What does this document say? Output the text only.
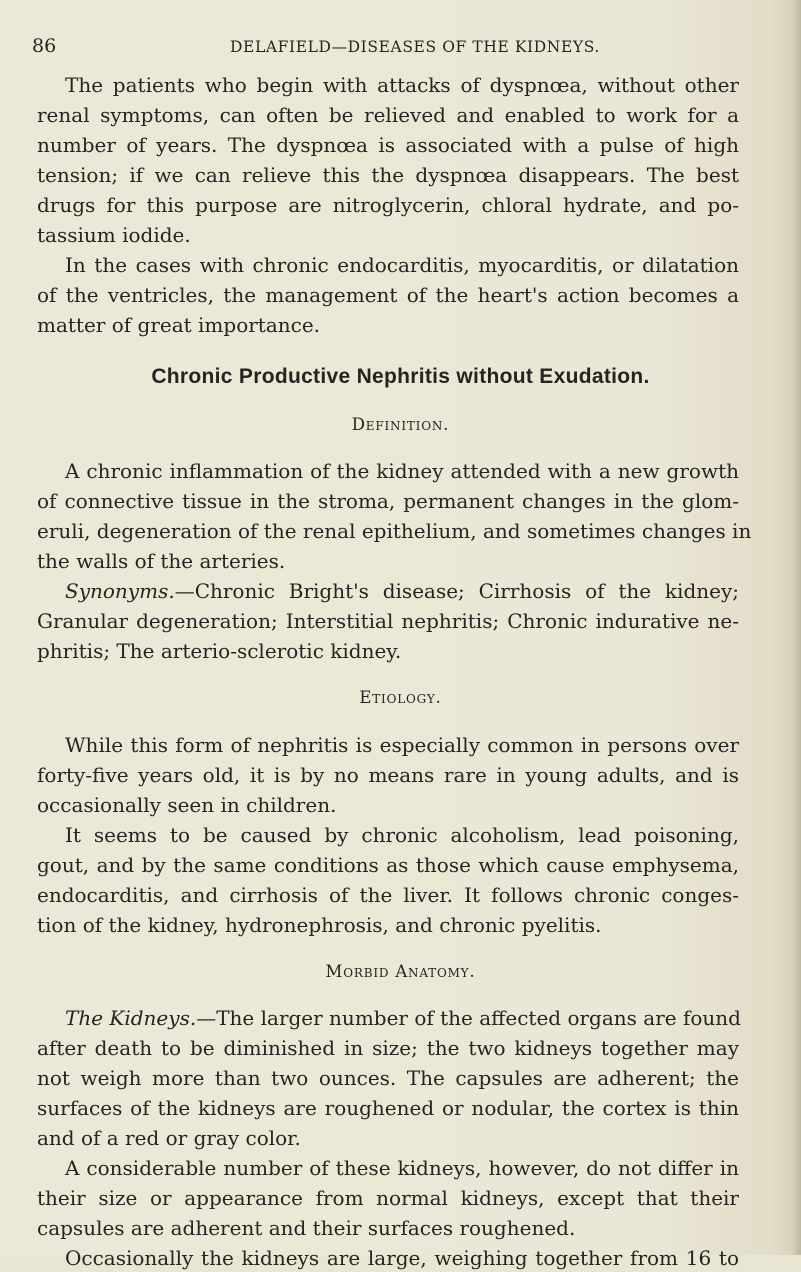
86	DELAFIELD—DISEASES OF THE KIDNEYS.
The patients who begin with attacks of dyspnœa, without other
renal symptoms, can often be relieved and enabled to work for a
number of years. The dyspnœa is associated with a pulse of high
tension; if we can relieve this the dyspnœa disappears. The best
drugs for this purpose are nitroglycerin, chloral hydrate, and po-
tassium iodide.
In the cases with chronic endocarditis, myocarditis, or dilatation
of the ventricles, the management of the heart's action becomes a
matter of great importance.
Chronic Productive Nephritis without Exudation.
Definition.
A chronic inflammation of the kidney attended with a new growth
of connective tissue in the stroma, permanent changes in the glom-
eruli, degeneration of the renal epithelium, and sometimes changes in
the walls of the arteries.
Synonyms.—Chronic Bright's disease; Cirrhosis of the kidney;
Granular degeneration; Interstitial nephritis; Chronic indurative ne-
phritis; The arterio-sclerotic kidney.
Etiology.
While this form of nephritis is especially common in persons over
forty-five years old, it is by no means rare in young adults, and is
occasionally seen in children.
It seems to be caused by chronic alcoholism, lead poisoning,
gout, and by the same conditions as those which cause emphysema,
endocarditis, and cirrhosis of the liver. It follows chronic conges-
tion of the kidney, hydronephrosis, and chronic pyelitis.
Morbid Anatomy.
The Kidneys.—The larger number of the affected organs are found
after death to be diminished in size; the two kidneys together may
not weigh more than two ounces. The capsules are adherent; the
surfaces of the kidneys are roughened or nodular, the cortex is thin
and of a red or gray color.
A considerable number of these kidneys, however, do not differ in
their size or appearance from normal kidneys, except that their
capsules are adherent and their surfaces roughened.
Occasionally the kidneys are large, weighing together from 16 to
